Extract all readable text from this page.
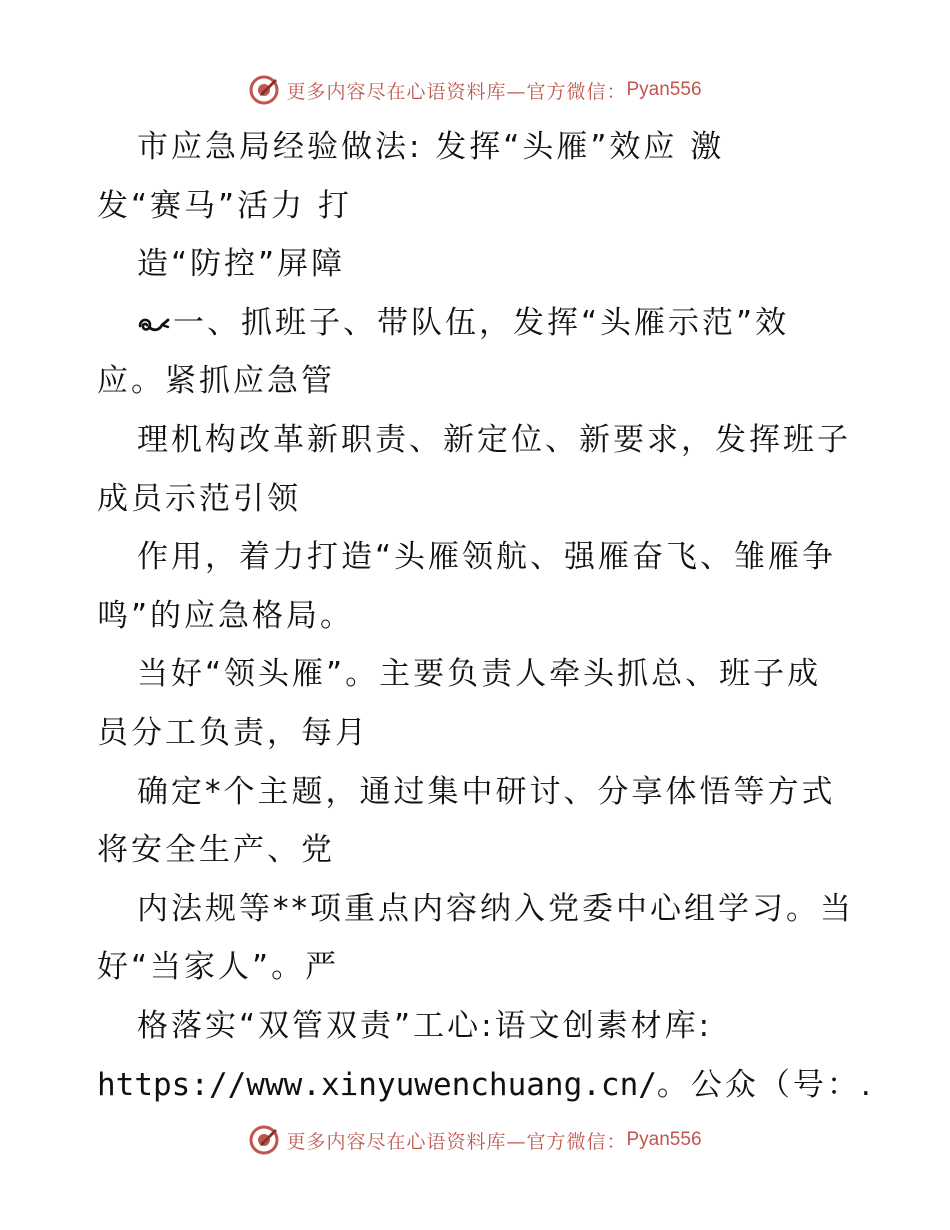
更多内容尽在心语资料库—官方微信： Pyan556
市应急局经验做法: 发挥“头雁”效应 激
发“赛马”活力 打
造“防控”屏障
一、抓班子、带队伍，发挥“头雁示范”效
应。紧抓应急管
理机构改革新职责、新定位、新要求，发挥班子
成员示范引领
作用，着力打造“头雁领航、强雁奋飞、雏雁争
鸣”的应急格局。
当好“领头雁”。主要负责人牵头抓总、班子成
员分工负责，每月
确定*个主题，通过集中研讨、分享体悟等方式
将安全生产、党
内法规等**项重点内容纳入党委中心组学习。当
好“当家人”。严
格落实“双管双责”工心:语文创素材库:
https://www.xinyuwenchuang.cn/。公众（号：.
更多内容尽在心语资料库—官方微信： Pyan556
